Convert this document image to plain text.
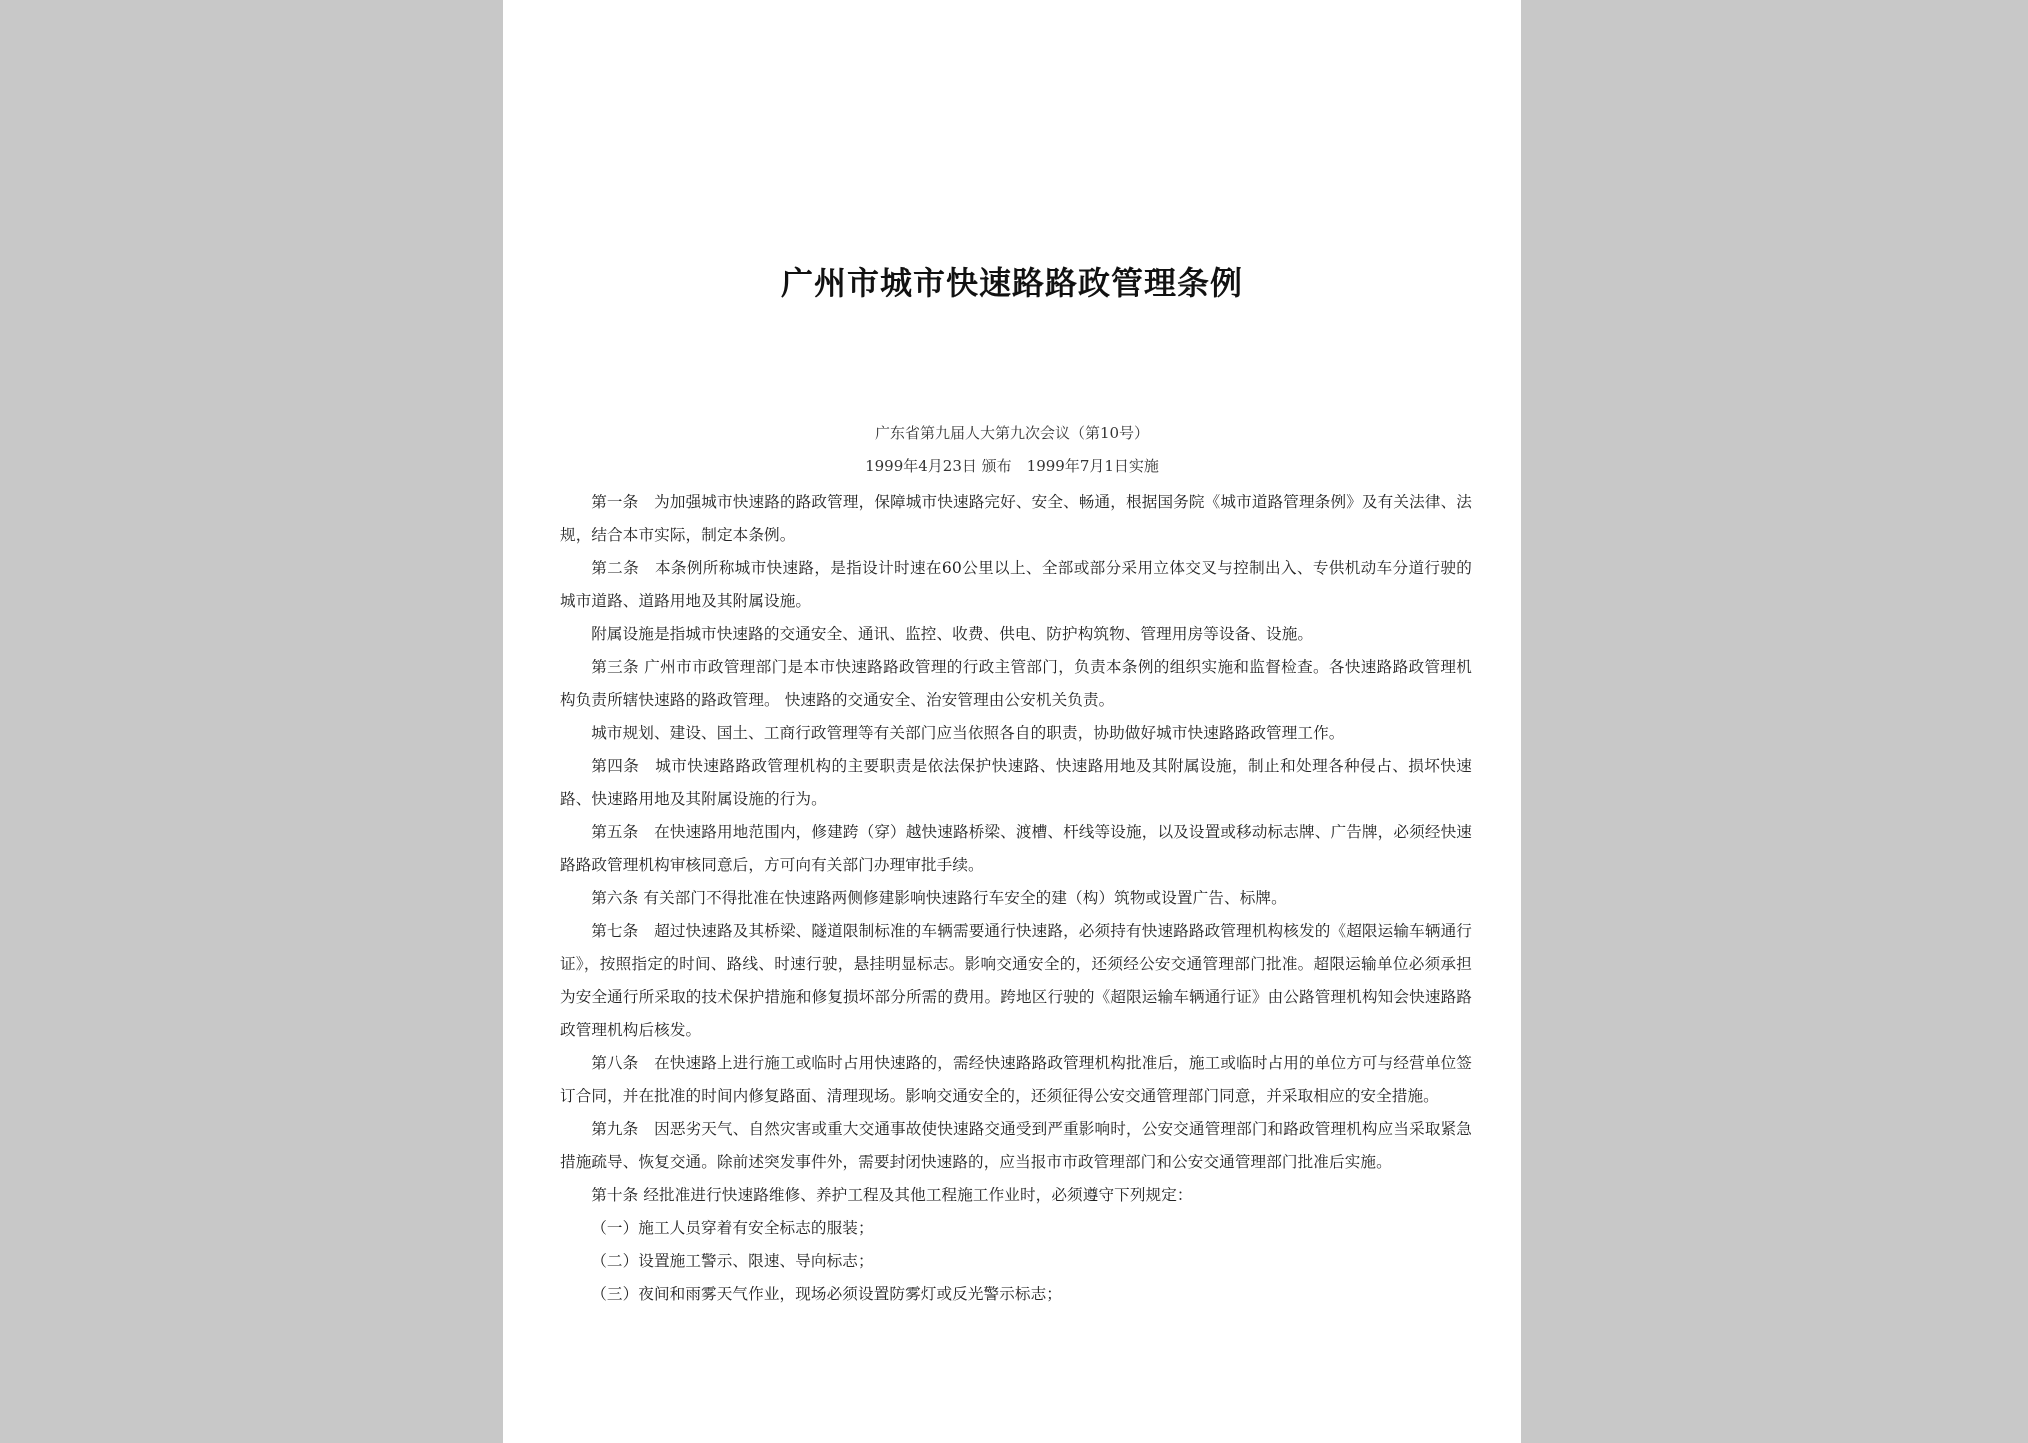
广州市城市快速路路政管理条例
广东省第九届人大第九次会议（第10号）
1999年4月23日 颁布　1999年7月1日实施

第一条　为加强城市快速路的路政管理，保障城市快速路完好、安全、畅通，根据国务院《城市道路管理条例》及有关法律、法规，结合本市实际，制定本条例。

第二条　本条例所称城市快速路，是指设计时速在60公里以上、全部或部分采用立体交叉与控制出入、专供机动车分道行驶的城市道路、道路用地及其附属设施。

附属设施是指城市快速路的交通安全、通讯、监控、收费、供电、防护构筑物、管理用房等设备、设施。

第三条 广州市市政管理部门是本市快速路路政管理的行政主管部门，负责本条例的组织实施和监督检查。各快速路路政管理机构负责所辖快速路的路政管理。 快速路的交通安全、治安管理由公安机关负责。

城市规划、建设、国土、工商行政管理等有关部门应当依照各自的职责，协助做好城市快速路路政管理工作。

第四条　城市快速路路政管理机构的主要职责是依法保护快速路、快速路用地及其附属设施，制止和处理各种侵占、损坏快速路、快速路用地及其附属设施的行为。

第五条　在快速路用地范围内，修建跨（穿）越快速路桥梁、渡槽、杆线等设施，以及设置或移动标志牌、广告牌，必须经快速路路政管理机构审核同意后，方可向有关部门办理审批手续。

第六条 有关部门不得批准在快速路两侧修建影响快速路行车安全的建（构）筑物或设置广告、标牌。

第七条　超过快速路及其桥梁、隧道限制标准的车辆需要通行快速路，必须持有快速路路政管理机构核发的《超限运输车辆通行证》，按照指定的时间、路线、时速行驶，悬挂明显标志。影响交通安全的，还须经公安交通管理部门批准。超限运输单位必须承担为安全通行所采取的技术保护措施和修复损坏部分所需的费用。跨地区行驶的《超限运输车辆通行证》由公路管理机构知会快速路路政管理机构后核发。

第八条　在快速路上进行施工或临时占用快速路的，需经快速路路政管理机构批准后，施工或临时占用的单位方可与经营单位签订合同，并在批准的时间内修复路面、清理现场。影响交通安全的，还须征得公安交通管理部门同意，并采取相应的安全措施。

第九条　因恶劣天气、自然灾害或重大交通事故使快速路交通受到严重影响时，公安交通管理部门和路政管理机构应当采取紧急措施疏导、恢复交通。除前述突发事件外，需要封闭快速路的，应当报市市政管理部门和公安交通管理部门批准后实施。

第十条 经批准进行快速路维修、养护工程及其他工程施工作业时，必须遵守下列规定：

（一）施工人员穿着有安全标志的服装；

（二）设置施工警示、限速、导向标志；

（三）夜间和雨雾天气作业，现场必须设置防雾灯或反光警示标志；
